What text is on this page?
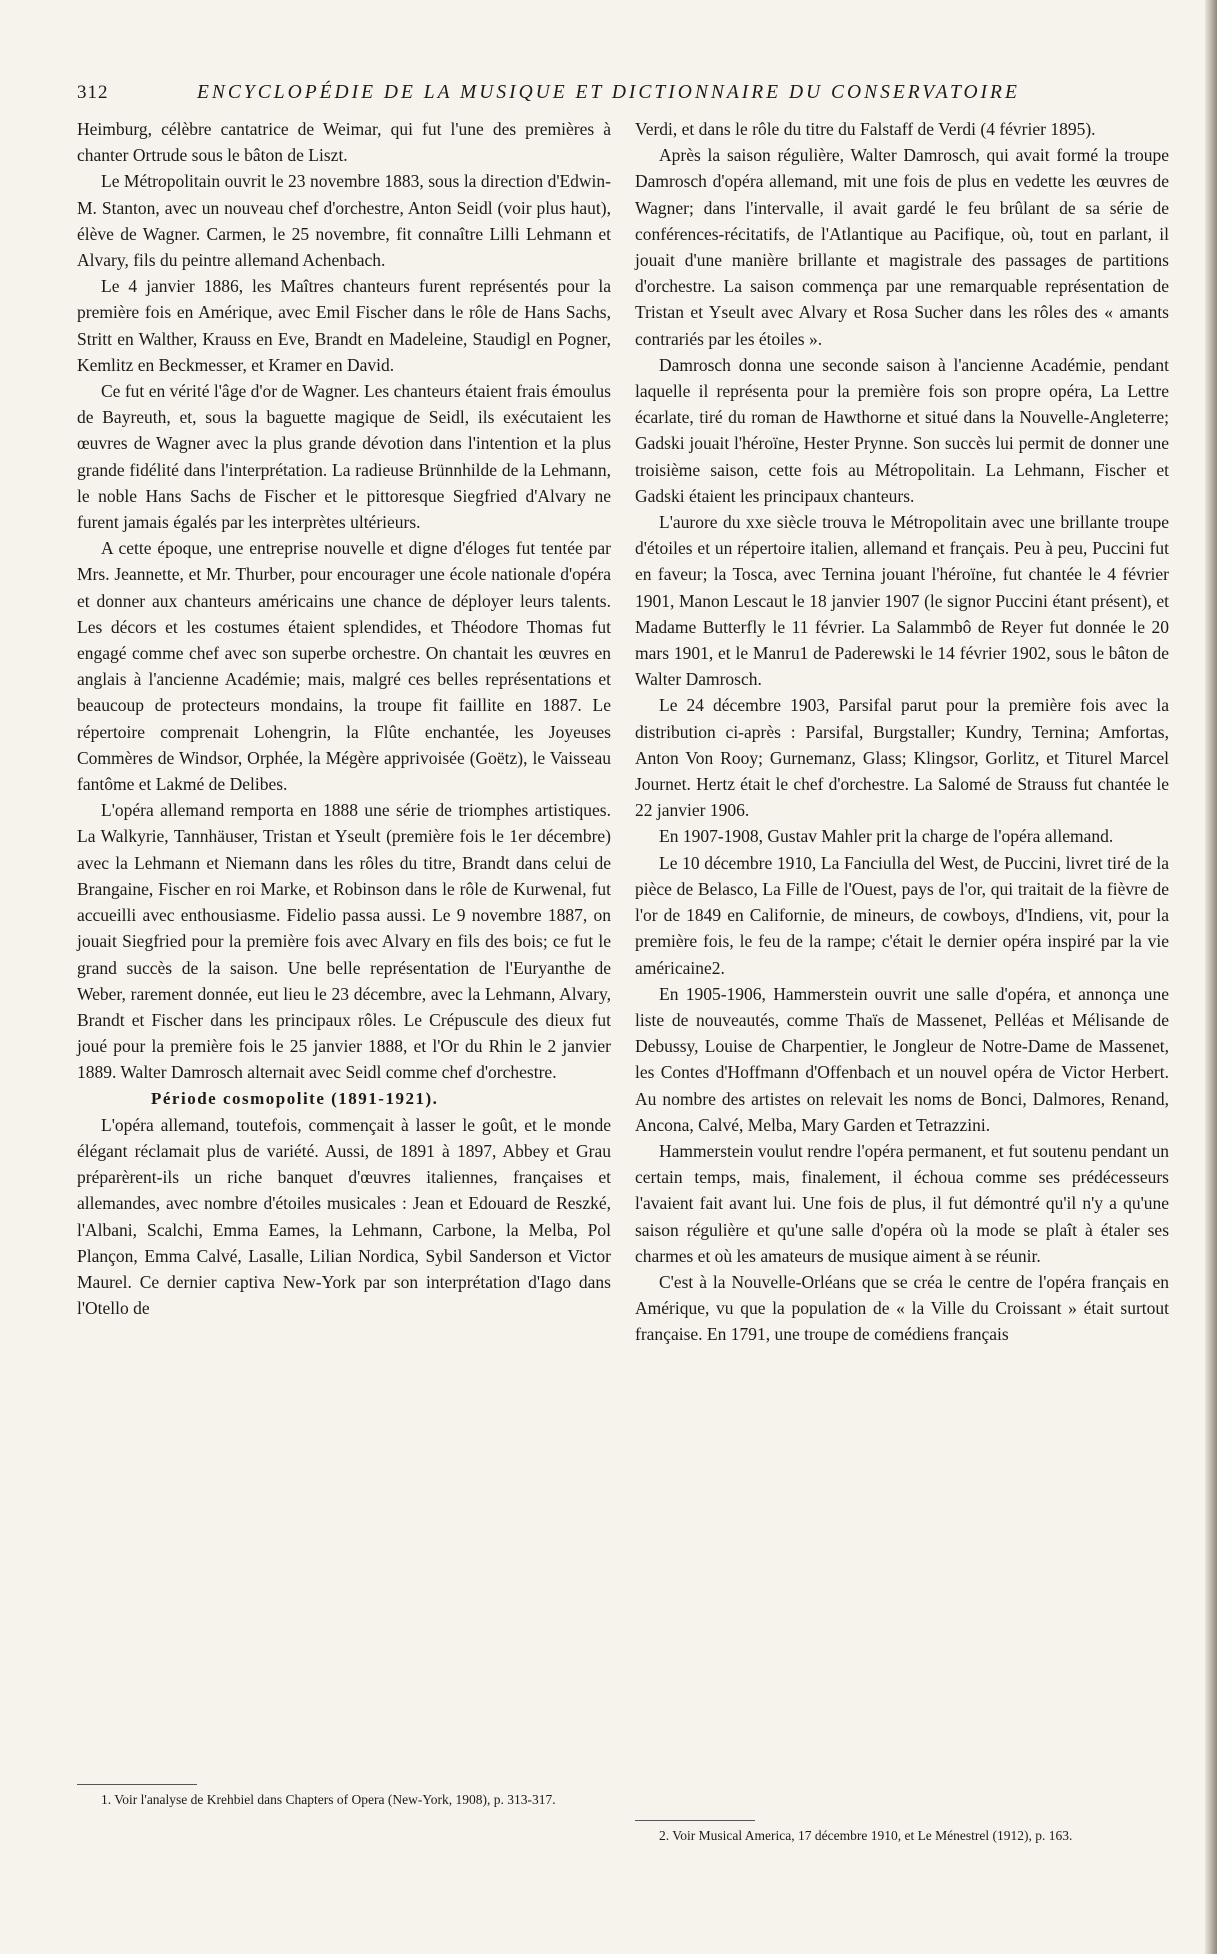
312	ENCYCLOPÉDIE DE LA MUSIQUE ET DICTIONNAIRE DU CONSERVATOIRE

Heimburg, célèbre cantatrice de Weimar, qui fut l'une des premières à chanter Ortrude sous le bâton de Liszt.

Le Métropolitain ouvrit le 23 novembre 1883, sous la direction d'Edwin-M. Stanton, avec un nouveau chef d'orchestre, Anton Seidl (voir plus haut), élève de Wagner. Carmen, le 25 novembre, fit connaître Lilli Lehmann et Alvary, fils du peintre allemand Achenbach.

Le 4 janvier 1886, les Maîtres chanteurs furent représentés pour la première fois en Amérique, avec Emil Fischer dans le rôle de Hans Sachs, Stritt en Walther, Krauss en Eve, Brandt en Madeleine, Staudigl en Pogner, Kemlitz en Beckmesser, et Kramer en David.

Ce fut en vérité l'âge d'or de Wagner. Les chanteurs étaient frais émoulus de Bayreuth, et, sous la baguette magique de Seidl, ils exécutaient les œuvres de Wagner avec la plus grande dévotion dans l'intention et la plus grande fidélité dans l'interprétation. La radieuse Brünnhilde de la Lehmann, le noble Hans Sachs de Fischer et le pittoresque Siegfried d'Alvary ne furent jamais égalés par les interprètes ultérieurs.

A cette époque, une entreprise nouvelle et digne d'éloges fut tentée par Mrs. Jeannette, et Mr. Thurber, pour encourager une école nationale d'opéra et donner aux chanteurs américains une chance de déployer leurs talents. Les décors et les costumes étaient splendides, et Théodore Thomas fut engagé comme chef avec son superbe orchestre. On chantait les œuvres en anglais à l'ancienne Académie; mais, malgré ces belles représentations et beaucoup de protecteurs mondains, la troupe fit faillite en 1887. Le répertoire comprenait Lohengrin, la Flûte enchantée, les Joyeuses Commères de Windsor, Orphée, la Mégère apprivoisée (Goëtz), le Vaisseau fantôme et Lakmé de Delibes.

L'opéra allemand remporta en 1888 une série de triomphes artistiques. La Walkyrie, Tannhäuser, Tristan et Yseult (première fois le 1er décembre) avec la Lehmann et Niemann dans les rôles du titre, Brandt dans celui de Brangaine, Fischer en roi Marke, et Robinson dans le rôle de Kurwenal, fut accueilli avec enthousiasme. Fidelio passa aussi. Le 9 novembre 1887, on jouait Siegfried pour la première fois avec Alvary en fils des bois; ce fut le grand succès de la saison. Une belle représentation de l'Euryanthe de Weber, rarement donnée, eut lieu le 23 décembre, avec la Lehmann, Alvary, Brandt et Fischer dans les principaux rôles. Le Crépuscule des dieux fut joué pour la première fois le 25 janvier 1888, et l'Or du Rhin le 2 janvier 1889. Walter Damrosch alternait avec Seidl comme chef d'orchestre.

Période cosmopolite (1891-1921).

L'opéra allemand, toutefois, commençait à lasser le goût, et le monde élégant réclamait plus de variété. Aussi, de 1891 à 1897, Abbey et Grau préparèrent-ils un riche banquet d'œuvres italiennes, françaises et allemandes, avec nombre d'étoiles musicales : Jean et Edouard de Reszké, l'Albani, Scalchi, Emma Eames, la Lehmann, Carbone, la Melba, Pol Plançon, Emma Calvé, Lasalle, Lilian Nordica, Sybil Sanderson et Victor Maurel. Ce dernier captiva New-York par son interprétation d'Iago dans l'Otello de

1. Voir l'analyse de Krehbiel dans Chapters of Opera (New-York, 1908), p. 313-317.

Verdi, et dans le rôle du titre du Falstaff de Verdi (4 février 1895).

Après la saison régulière, Walter Damrosch, qui avait formé la troupe Damrosch d'opéra allemand, mit une fois de plus en vedette les œuvres de Wagner; dans l'intervalle, il avait gardé le feu brûlant de sa série de conférences-récitatifs, de l'Atlantique au Pacifique, où, tout en parlant, il jouait d'une manière brillante et magistrale des passages de partitions d'orchestre. La saison commença par une remarquable représentation de Tristan et Yseult avec Alvary et Rosa Sucher dans les rôles des « amants contrariés par les étoiles ».

Damrosch donna une seconde saison à l'ancienne Académie, pendant laquelle il représenta pour la première fois son propre opéra, La Lettre écarlate, tiré du roman de Hawthorne et situé dans la Nouvelle-Angleterre; Gadski jouait l'héroïne, Hester Prynne. Son succès lui permit de donner une troisième saison, cette fois au Métropolitain. La Lehmann, Fischer et Gadski étaient les principaux chanteurs.

L'aurore du xxe siècle trouva le Métropolitain avec une brillante troupe d'étoiles et un répertoire italien, allemand et français. Peu à peu, Puccini fut en faveur; la Tosca, avec Ternina jouant l'héroïne, fut chantée le 4 février 1901, Manon Lescaut le 18 janvier 1907 (le signor Puccini étant présent), et Madame Butterfly le 11 février. La Salammbô de Reyer fut donnée le 20 mars 1901, et le Manru1 de Paderewski le 14 février 1902, sous le bâton de Walter Damrosch.

Le 24 décembre 1903, Parsifal parut pour la première fois avec la distribution ci-après : Parsifal, Burgstaller; Kundry, Ternina; Amfortas, Anton Von Rooy; Gurnemanz, Glass; Klingsor, Gorlitz, et Titurel Marcel Journet. Hertz était le chef d'orchestre. La Salomé de Strauss fut chantée le 22 janvier 1906.

En 1907-1908, Gustav Mahler prit la charge de l'opéra allemand.

Le 10 décembre 1910, La Fanciulla del West, de Puccini, livret tiré de la pièce de Belasco, La Fille de l'Ouest, pays de l'or, qui traitait de la fièvre de l'or de 1849 en Californie, de mineurs, de cowboys, d'Indiens, vit, pour la première fois, le feu de la rampe; c'était le dernier opéra inspiré par la vie américaine2.

En 1905-1906, Hammerstein ouvrit une salle d'opéra, et annonça une liste de nouveautés, comme Thaïs de Massenet, Pelléas et Mélisande de Debussy, Louise de Charpentier, le Jongleur de Notre-Dame de Massenet, les Contes d'Hoffmann d'Offenbach et un nouvel opéra de Victor Herbert. Au nombre des artistes on relevait les noms de Bonci, Dalmores, Renand, Ancona, Calvé, Melba, Mary Garden et Tetrazzini.

Hammerstein voulut rendre l'opéra permanent, et fut soutenu pendant un certain temps, mais, finalement, il échoua comme ses prédécesseurs l'avaient fait avant lui. Une fois de plus, il fut démontré qu'il n'y a qu'une saison régulière et qu'une salle d'opéra où la mode se plaît à étaler ses charmes et où les amateurs de musique aiment à se réunir.

C'est à la Nouvelle-Orléans que se créa le centre de l'opéra français en Amérique, vu que la population de « la Ville du Croissant » était surtout française. En 1791, une troupe de comédiens français

2. Voir Musical America, 17 décembre 1910, et Le Ménestrel (1912), p. 163.
